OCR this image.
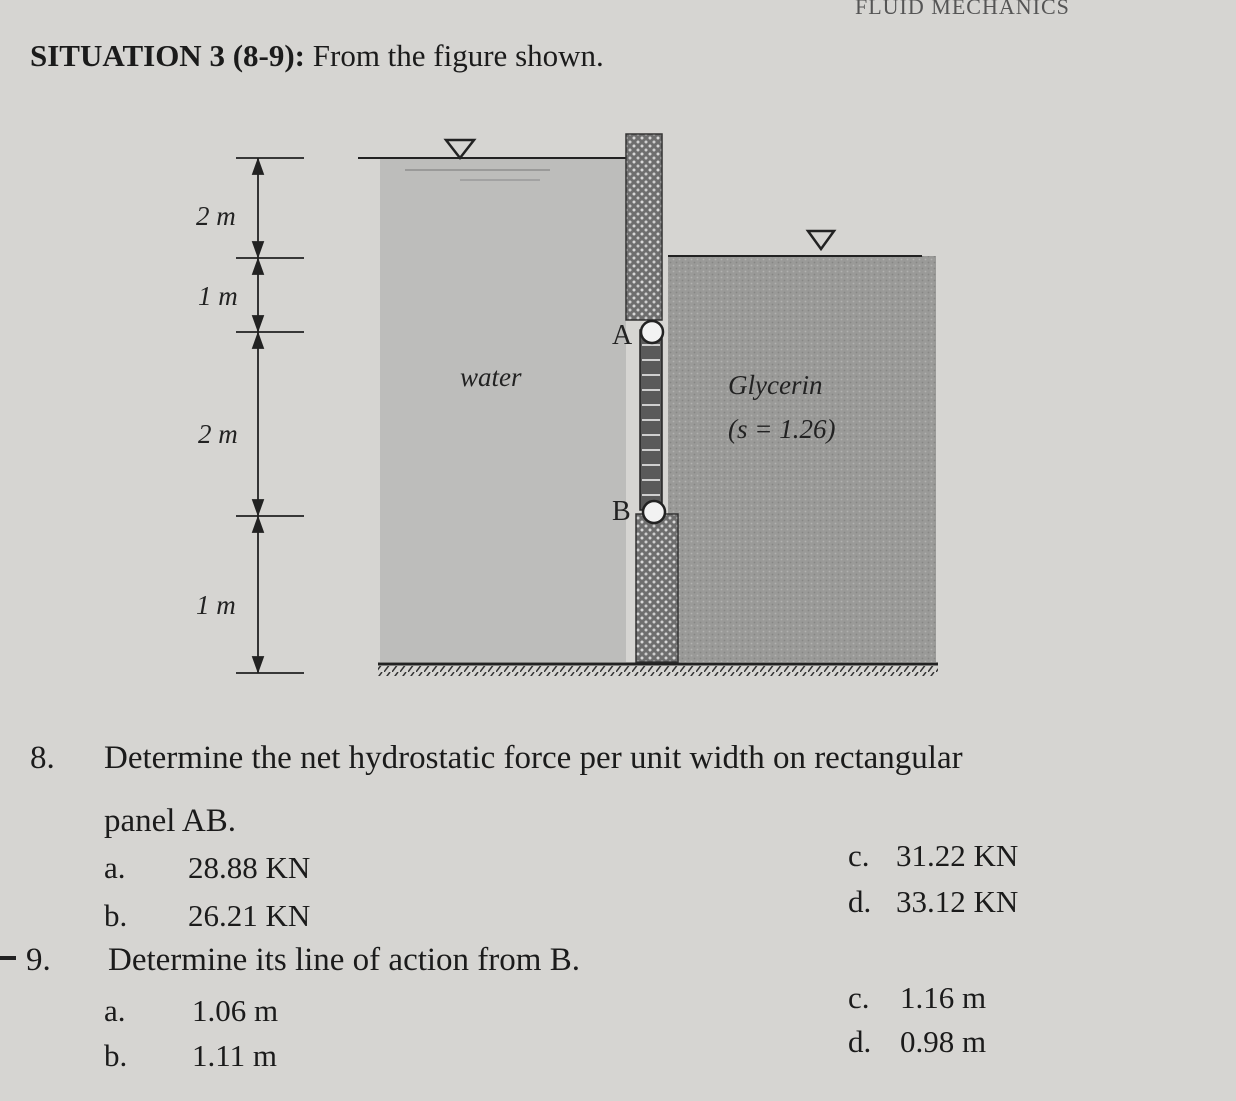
FLUID MECHANICS
SITUATION 3 (8-9): From the figure shown.
2 m
1 m
2 m
1 m
water	Glycerin
(s = 1.26)
A
B
8. Determine the net hydrostatic force per unit width on rectangular
panel AB.
a. 28.88 KN
b. 26.21 KN
c. 31.22 KN
d. 33.12 KN
9. Determine its line of action from B.
a. 1.06 m
b. 1.11 m
c. 1.16 m
d. 0.98 m
